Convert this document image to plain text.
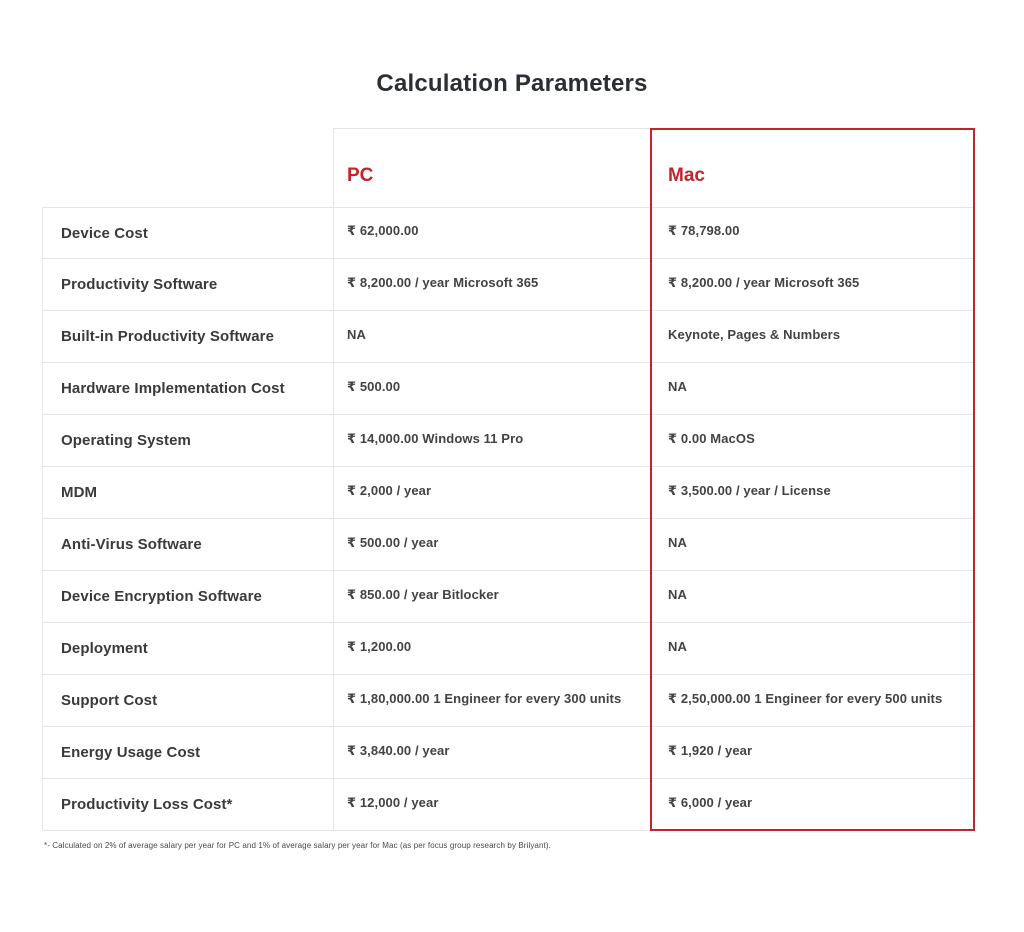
Calculation Parameters
PC	Mac
Device Cost	₹ 62,000.00	₹ 78,798.00
Productivity Software	₹ 8,200.00 / year Microsoft 365	₹ 8,200.00 / year Microsoft 365
Built-in Productivity Software	NA	Keynote, Pages & Numbers
Hardware Implementation Cost	₹ 500.00	NA
Operating System	₹ 14,000.00 Windows 11 Pro	₹ 0.00 MacOS
MDM	₹ 2,000 / year	₹ 3,500.00 / year / License
Anti-Virus Software	₹ 500.00 / year	NA
Device Encryption Software	₹ 850.00 / year Bitlocker	NA
Deployment	₹ 1,200.00	NA
Support Cost	₹ 1,80,000.00 1 Engineer for every 300 units	₹ 2,50,000.00 1 Engineer for every 500 units
Energy Usage Cost	₹ 3,840.00 / year	₹ 1,920 / year
Productivity Loss Cost*	₹ 12,000 / year	₹ 6,000 / year

*- Calculated on 2% of average salary per year for PC and 1% of average salary per year for Mac (as per focus group research by Brilyant).
